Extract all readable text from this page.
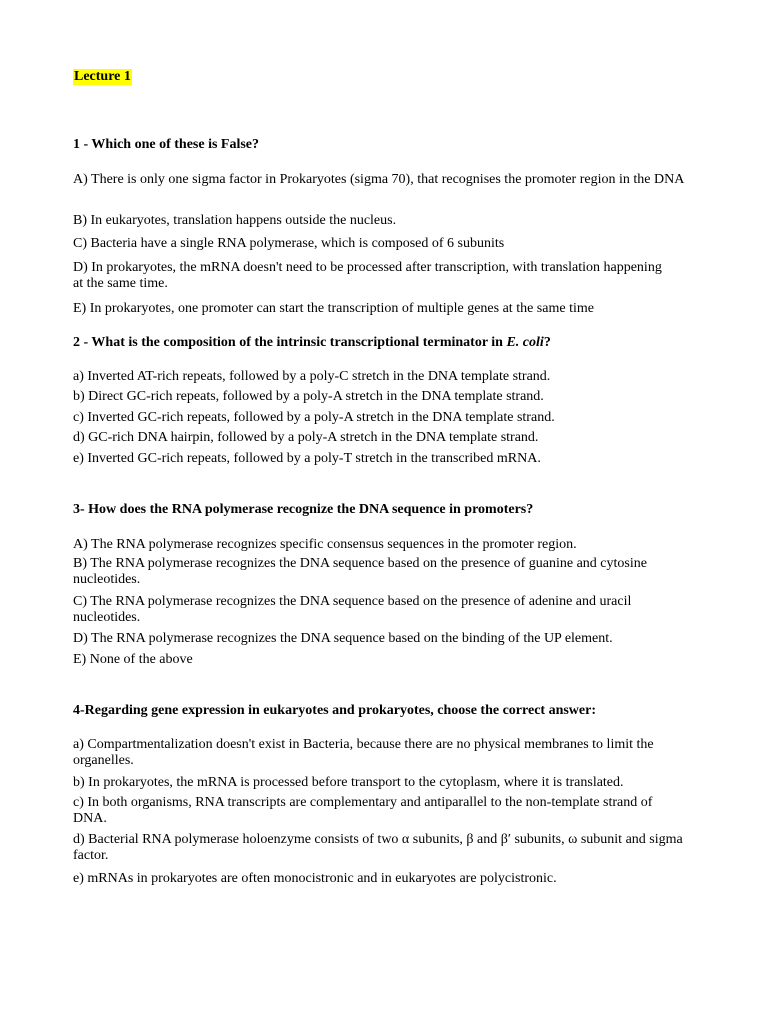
Lecture 1
1 - Which one of these is False?
A) There is only one sigma factor in Prokaryotes (sigma 70), that recognises the promoter region in the DNA
B) In eukaryotes, translation happens outside the nucleus.
C) Bacteria have a single RNA polymerase, which is composed of 6 subunits
D) In prokaryotes, the mRNA doesn't need to be processed after transcription, with translation happening at the same time.
E) In prokaryotes, one promoter can start the transcription of multiple genes at the same time
2 - What is the composition of the intrinsic transcriptional terminator in E. coli?
a) Inverted AT-rich repeats, followed by a poly-C stretch in the DNA template strand.
b) Direct GC-rich repeats, followed by a poly-A stretch in the DNA template strand.
c) Inverted GC-rich repeats, followed by a poly-A stretch in the DNA template strand.
d) GC-rich DNA hairpin, followed by a poly-A stretch in the DNA template strand.
e) Inverted GC-rich repeats, followed by a poly-T stretch in the transcribed mRNA.
3- How does the RNA polymerase recognize the DNA sequence in promoters?
A) The RNA polymerase recognizes specific consensus sequences in the promoter region.
B) The RNA polymerase recognizes the DNA sequence based on the presence of guanine and cytosine nucleotides.
C) The RNA polymerase recognizes the DNA sequence based on the presence of adenine and uracil nucleotides.
D) The RNA polymerase recognizes the DNA sequence based on the binding of the UP element.
E) None of the above
4-Regarding gene expression in eukaryotes and prokaryotes, choose the correct answer:
a) Compartmentalization doesn't exist in Bacteria, because there are no physical membranes to limit the organelles.
b) In prokaryotes, the mRNA is processed before transport to the cytoplasm, where it is translated.
c) In both organisms, RNA transcripts are complementary and antiparallel to the non-template strand of DNA.
d) Bacterial RNA polymerase holoenzyme consists of two α subunits, β and β′ subunits, ω subunit and sigma factor.
e) mRNAs in prokaryotes are often monocistronic and in eukaryotes are polycistronic.
